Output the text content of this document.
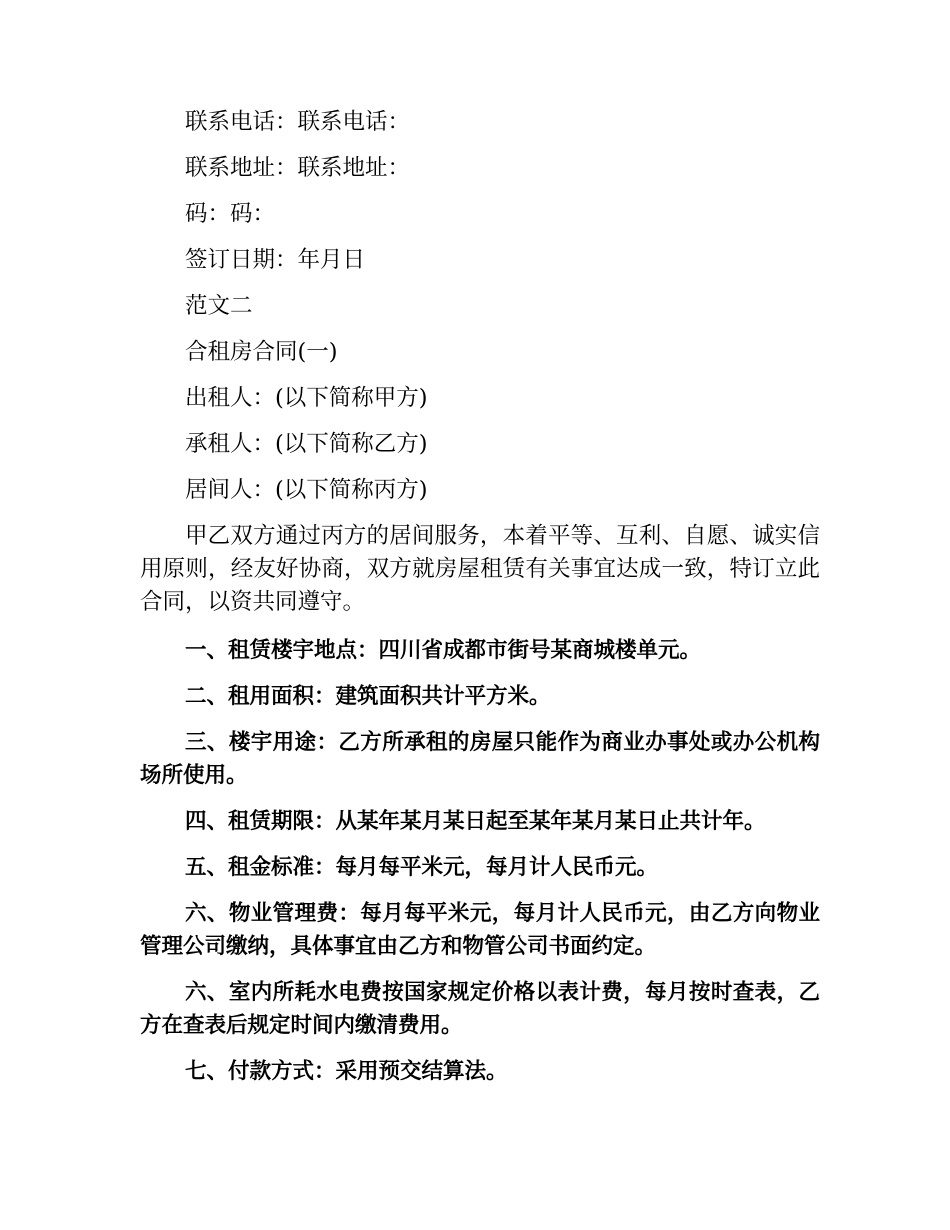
联系电话：联系电话：

联系地址：联系地址：

码：码：

签订日期：年月日

范文二

合租房合同(一)

出租人：(以下简称甲方)

承租人：(以下简称乙方)

居间人：(以下简称丙方)

甲乙双方通过丙方的居间服务，本着平等、互利、自愿、诚实信用原则，经友好协商，双方就房屋租赁有关事宜达成一致，特订立此合同，以资共同遵守。

一、租赁楼宇地点：四川省成都市街号某商城楼单元。

二、租用面积：建筑面积共计平方米。

三、楼宇用途：乙方所承租的房屋只能作为商业办事处或办公机构场所使用。

四、租赁期限：从某年某月某日起至某年某月某日止共计年。

五、租金标准：每月每平米元，每月计人民币元。

六、物业管理费：每月每平米元，每月计人民币元，由乙方向物业管理公司缴纳，具体事宜由乙方和物管公司书面约定。

六、室内所耗水电费按国家规定价格以表计费，每月按时查表，乙方在查表后规定时间内缴清费用。

七、付款方式：采用预交结算法。
